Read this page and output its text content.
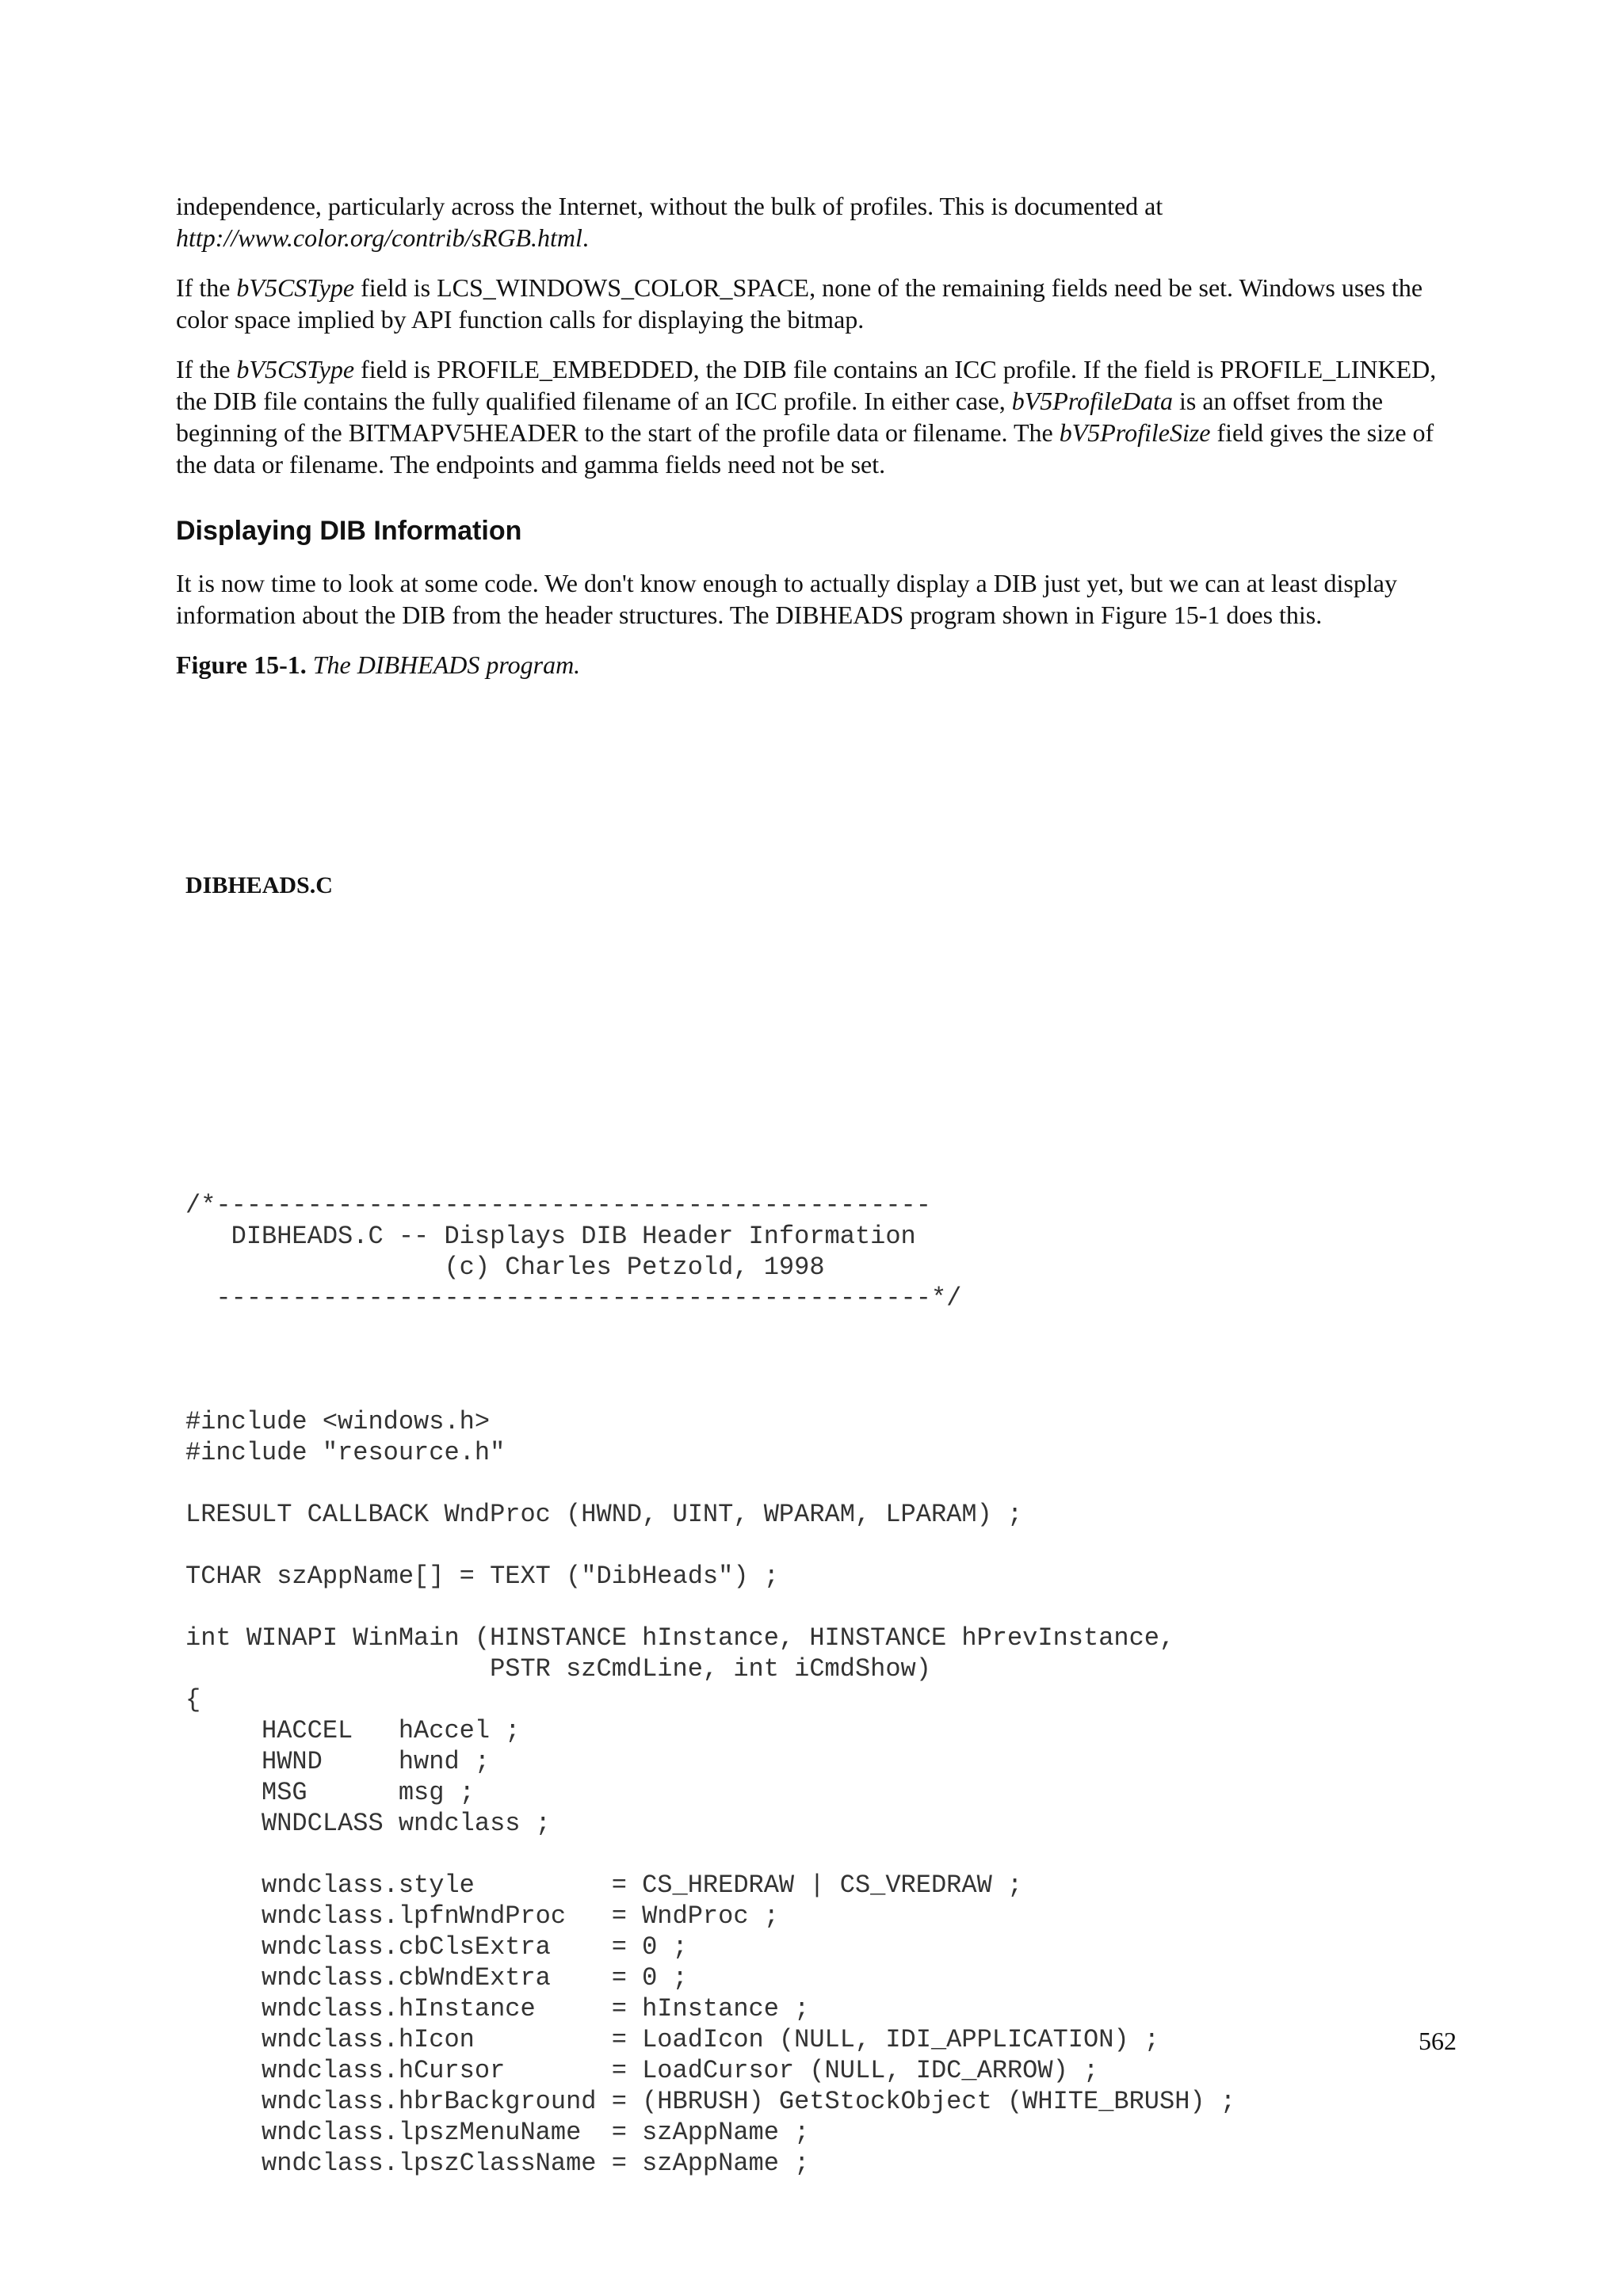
independence, particularly across the Internet, without the bulk of profiles. This is documented at http://www.color.org/contrib/sRGB.html.

If the bV5CSType field is LCS_WINDOWS_COLOR_SPACE, none of the remaining fields need be set. Windows uses the color space implied by API function calls for displaying the bitmap.

If the bV5CSType field is PROFILE_EMBEDDED, the DIB file contains an ICC profile. If the field is PROFILE_LINKED, the DIB file contains the fully qualified filename of an ICC profile. In either case, bV5ProfileData is an offset from the beginning of the BITMAPV5HEADER to the start of the profile data or filename. The bV5ProfileSize field gives the size of the data or filename. The endpoints and gamma fields need not be set.

Displaying DIB Information

It is now time to look at some code. We don't know enough to actually display a DIB just yet, but we can at least display information about the DIB from the header structures. The DIBHEADS program shown in Figure 15-1 does this.

Figure 15-1. The DIBHEADS program.

DIBHEADS.C
/*-----------------------------------------------
DIBHEADS.C -- Displays DIB Header Information
(c) Charles Petzold, 1998
-----------------------------------------------*/
#include <windows.h>
#include "resource.h"
LRESULT CALLBACK WndProc (HWND, UINT, WPARAM, LPARAM) ;
TCHAR szAppName[] = TEXT ("DibHeads") ;
int WINAPI WinMain (HINSTANCE hInstance, HINSTANCE hPrevInstance,
PSTR szCmdLine, int iCmdShow)
{
HACCEL   hAccel ;
HWND     hwnd ;
MSG      msg ;
WNDCLASS wndclass ;
wndclass.style         = CS_HREDRAW | CS_VREDRAW ;
wndclass.lpfnWndProc   = WndProc ;
wndclass.cbClsExtra    = 0 ;
wndclass.cbWndExtra    = 0 ;
wndclass.hInstance     = hInstance ;
wndclass.hIcon         = LoadIcon (NULL, IDI_APPLICATION) ;
wndclass.hCursor       = LoadCursor (NULL, IDC_ARROW) ;
wndclass.hbrBackground = (HBRUSH) GetStockObject (WHITE_BRUSH) ;
wndclass.lpszMenuName  = szAppName ;
wndclass.lpszClassName = szAppName ;
562
